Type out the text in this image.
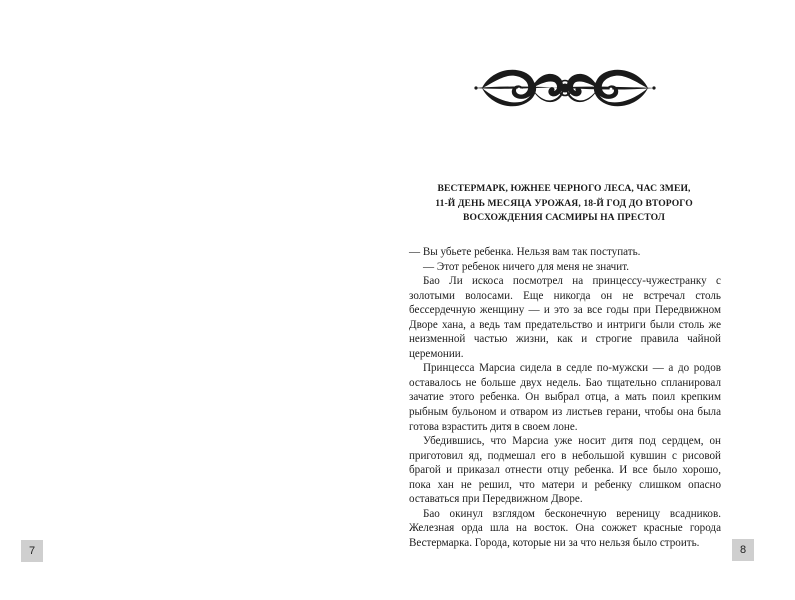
7
ВЕСТЕРМАРК, ЮЖНЕЕ ЧЕРНОГО ЛЕСА, ЧАС ЗМЕИ,
11-Й ДЕНЬ МЕСЯЦА УРОЖАЯ, 18-Й ГОД ДО ВТОРОГО
ВОСХОЖДЕНИЯ САСМИРЫ НА ПРЕСТОЛ

— Вы убьете ребенка. Нельзя вам так поступать.

— Этот ребенок ничего для меня не значит.

Бао Ли искоса посмотрел на принцессу-чужестранку с золотыми волосами. Еще никогда он не встречал столь бессердечную женщину — и это за все годы при Передвижном Дворе хана, а ведь там предательство и интриги были столь же неизменной частью жизни, как и строгие правила чайной церемонии.

Принцесса Марсиа сидела в седле по-мужски — а до родов оставалось не больше двух недель. Бао тщательно спланировал зачатие этого ребенка. Он выбрал отца, а мать поил крепким рыбным бульоном и отваром из листьев герани, чтобы она была готова взрастить дитя в своем лоне.

Убедившись, что Марсиа уже носит дитя под сердцем, он приготовил яд, подмешал его в небольшой кувшин с рисовой брагой и приказал отнести отцу ребенка. И все было хорошо, пока хан не решил, что матери и ребенку слишком опасно оставаться при Передвижном Дворе.

Бао окинул взглядом бесконечную вереницу всадников. Железная орда шла на восток. Она сожжет красные города Вестермарка. Города, которые ни за что нельзя было строить.

8
